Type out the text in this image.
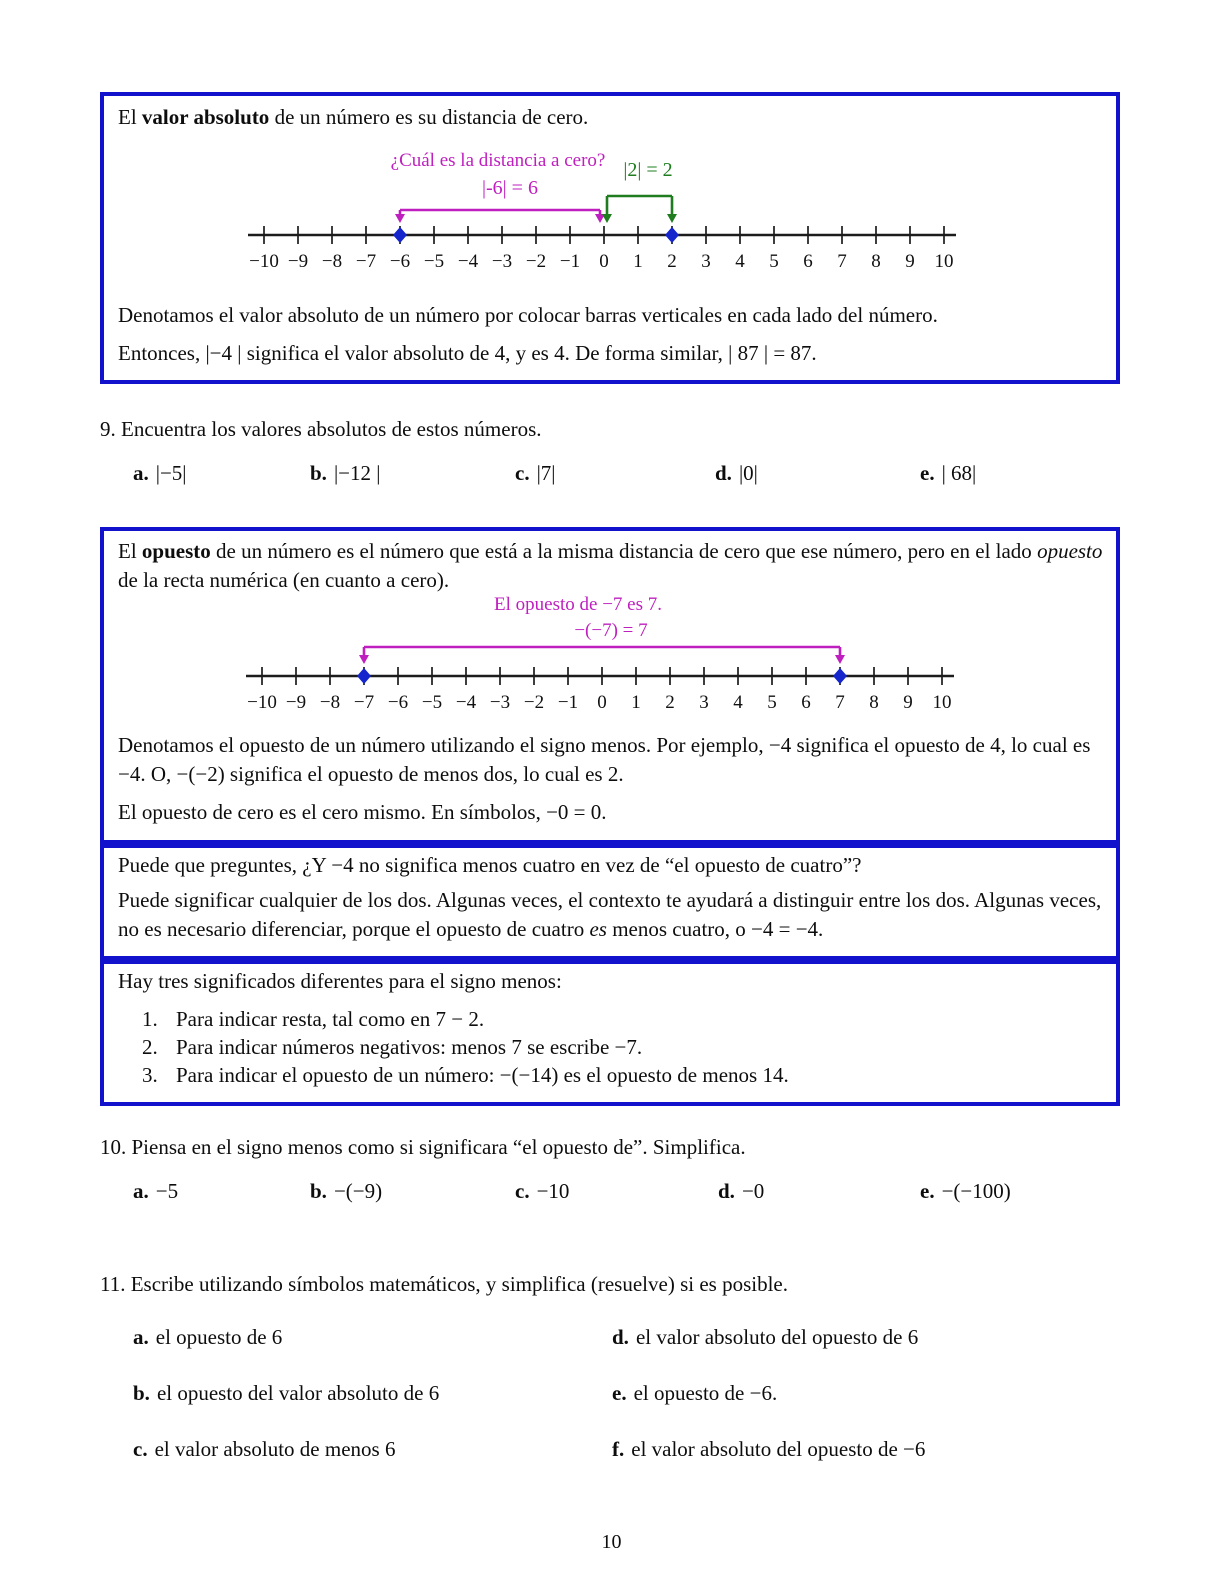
El valor absoluto de un número es su distancia de cero.
−10 −9 −8 −7 −6 −5 −4 −3 −2 −1 0 1 2 3 4 5 6 7 8 9 10
¿Cuál es la distancia a cero?
|-6| = 6
|2| = 2
Denotamos el valor absoluto de un número por colocar barras verticales en cada lado del número.
Entonces, |−4 | significa el valor absoluto de 4, y es 4. De forma similar, | 87 | = 87.
9. Encuentra los valores absolutos de estos números.
a. |−5|	b. |−12 |	c. |7|	d. |0|	e. | 68|
El opuesto de un número es el número que está a la misma distancia de cero que ese número, pero en el lado opuesto de la recta numérica (en cuanto a cero).
−10 −9 −8 −7 −6 −5 −4 −3 −2 −1 0 1 2 3 4 5 6 7 8 9 10
El opuesto de −7 es 7.
−(−7) = 7
Denotamos el opuesto de un número utilizando el signo menos. Por ejemplo, −4 significa el opuesto de 4, lo cual es −4. O, −(−2) significa el opuesto de menos dos, lo cual es 2.
El opuesto de cero es el cero mismo. En símbolos, −0 = 0.
Puede que preguntes, ¿Y −4 no significa menos cuatro en vez de “el opuesto de cuatro”?
Puede significar cualquier de los dos. Algunas veces, el contexto te ayudará a distinguir entre los dos. Algunas veces, no es necesario diferenciar, porque el opuesto de cuatro es menos cuatro, o −4 = −4.
Hay tres significados diferentes para el signo menos:
1. Para indicar resta, tal como en 7 − 2.
2. Para indicar números negativos: menos 7 se escribe −7.
3. Para indicar el opuesto de un número: −(−14) es el opuesto de menos 14.
10. Piensa en el signo menos como si significara “el opuesto de”. Simplifica.
a. −5	b. −(−9)	c. −10	d. −0	e. −(−100)
11. Escribe utilizando símbolos matemáticos, y simplifica (resuelve) si es posible.
a. el opuesto de 6	d. el valor absoluto del opuesto de 6
b. el opuesto del valor absoluto de 6	e. el opuesto de −6.
c. el valor absoluto de menos 6	f. el valor absoluto del opuesto de −6
10
